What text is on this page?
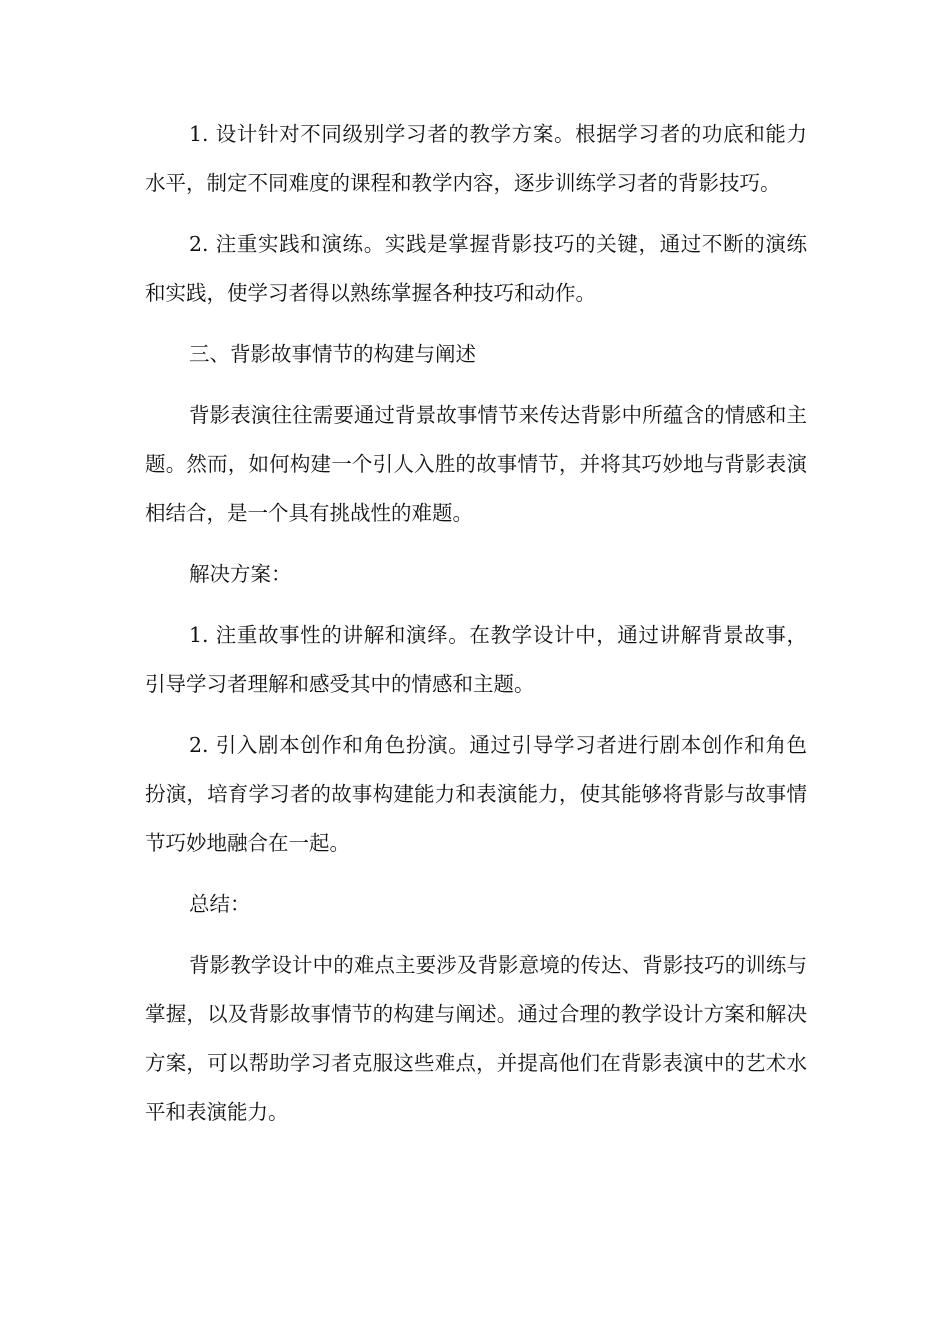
1. 设计针对不同级别学习者的教学方案。根据学习者的功底和能力水平，制定不同难度的课程和教学内容，逐步训练学习者的背影技巧。

2. 注重实践和演练。实践是掌握背影技巧的关键，通过不断的演练和实践，使学习者得以熟练掌握各种技巧和动作。

三、背影故事情节的构建与阐述

背影表演往往需要通过背景故事情节来传达背影中所蕴含的情感和主题。然而，如何构建一个引人入胜的故事情节，并将其巧妙地与背影表演相结合，是一个具有挑战性的难题。

解决方案：

1. 注重故事性的讲解和演绎。在教学设计中，通过讲解背景故事，引导学习者理解和感受其中的情感和主题。

2. 引入剧本创作和角色扮演。通过引导学习者进行剧本创作和角色扮演，培育学习者的故事构建能力和表演能力，使其能够将背影与故事情节巧妙地融合在一起。

总结：

背影教学设计中的难点主要涉及背影意境的传达、背影技巧的训练与掌握，以及背影故事情节的构建与阐述。通过合理的教学设计方案和解决方案，可以帮助学习者克服这些难点，并提高他们在背影表演中的艺术水平和表演能力。
